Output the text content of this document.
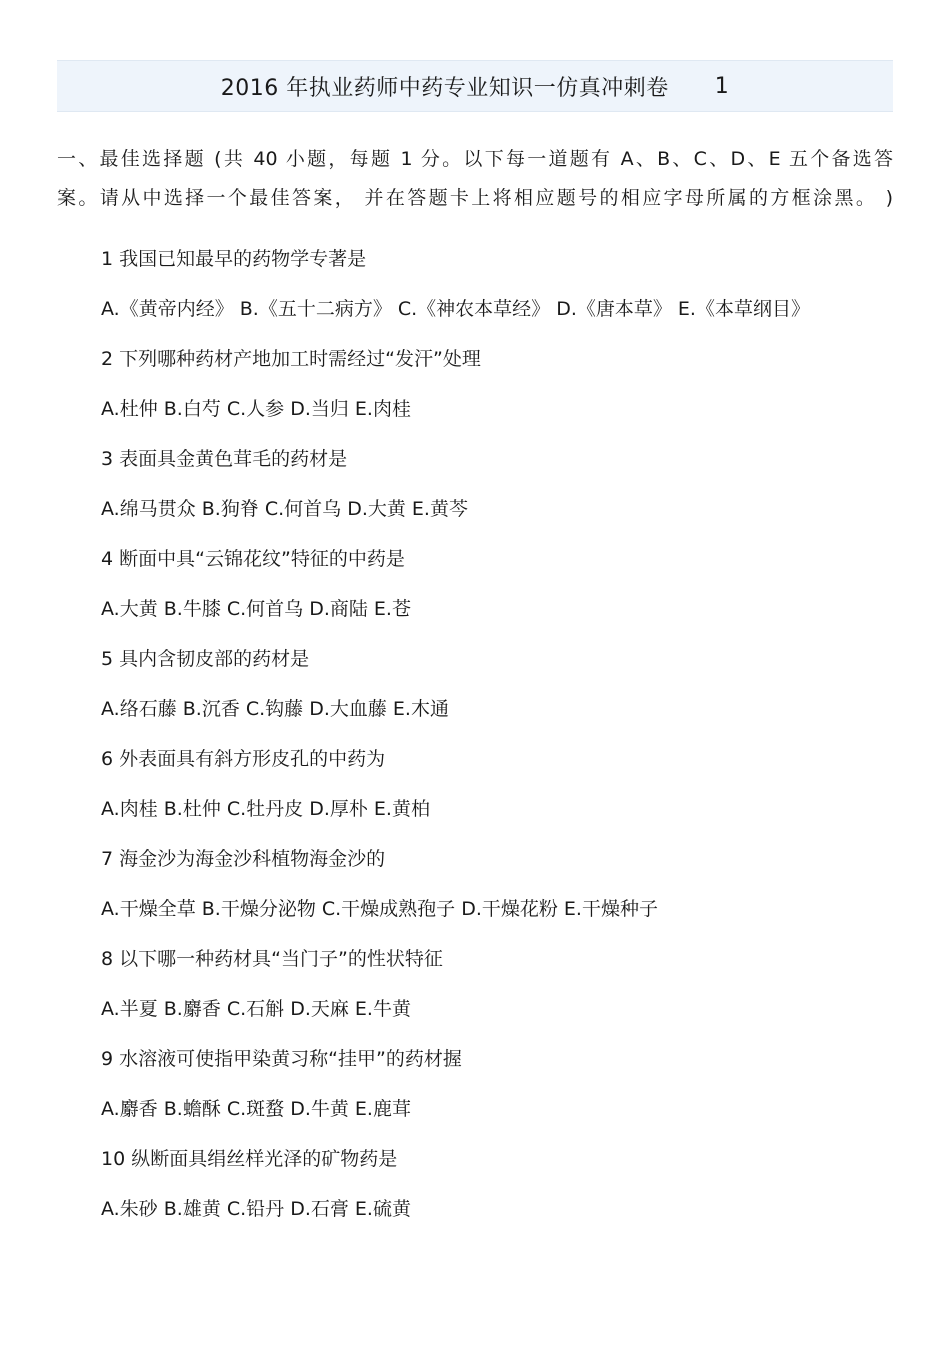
2016 年执业药师中药专业知识一仿真冲刺卷 1
一、最佳选择题 (共 40 小题，每题 1 分。以下每一道题有 A、B、C、D、E 五个备选答
案。请从中选择一个最佳答案， 并在答题卡上将相应题号的相应字母所属的方框涂黑。 )
1 我国已知最早的药物学专著是
A.《黄帝内经》 B.《五十二病方》 C.《神农本草经》 D.《唐本草》 E.《本草纲目》
2 下列哪种药材产地加工时需经过“发汗”处理
A.杜仲 B.白芍 C.人参 D.当归 E.肉桂
3 表面具金黄色茸毛的药材是
A.绵马贯众 B.狗脊 C.何首乌 D.大黄 E.黄芩
4 断面中具“云锦花纹”特征的中药是
A.大黄 B.牛膝 C.何首乌 D.商陆 E.苍
5 具内含韧皮部的药材是
A.络石藤 B.沉香 C.钩藤 D.大血藤 E.木通
6 外表面具有斜方形皮孔的中药为
A.肉桂 B.杜仲 C.牡丹皮 D.厚朴 E.黄柏
7 海金沙为海金沙科植物海金沙的
A.干燥全草 B.干燥分泌物 C.干燥成熟孢子 D.干燥花粉 E.干燥种子
8 以下哪一种药材具“当门子”的性状特征
A.半夏 B.麝香 C.石斛 D.天麻 E.牛黄
9 水溶液可使指甲染黄习称“挂甲”的药材握
A.麝香 B.蟾酥 C.斑蝥 D.牛黄 E.鹿茸
10 纵断面具绢丝样光泽的矿物药是
A.朱砂 B.雄黄 C.铅丹 D.石膏 E.硫黄
